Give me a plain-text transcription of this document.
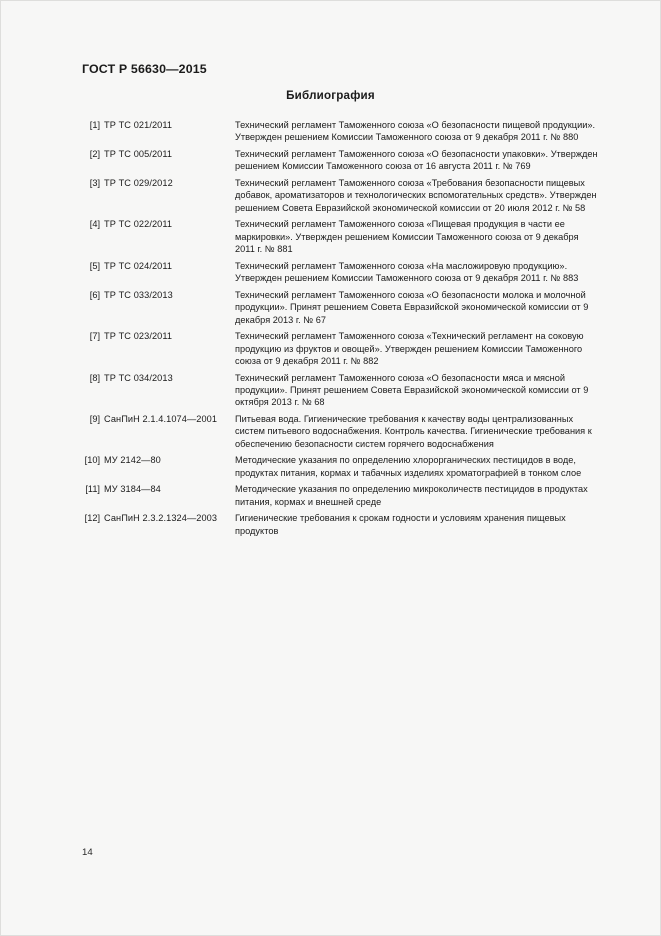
ГОСТ Р 56630—2015
Библиография
[1] ТР ТС 021/2011	Технический регламент Таможенного союза «О безопасности пищевой продукции». Утвержден решением Комиссии Таможенного союза от 9 декабря 2011 г. № 880
[2] ТР ТС 005/2011	Технический регламент Таможенного союза «О безопасности упаковки». Утвержден решением Комиссии Таможенного союза от 16 августа 2011 г. № 769
[3] ТР ТС 029/2012	Технический регламент Таможенного союза «Требования безопасности пищевых добавок, ароматизаторов и технологических вспомогательных средств». Утвержден решением Совета Евразийской экономической комиссии от 20 июля 2012 г. № 58
[4] ТР ТС 022/2011	Технический регламент Таможенного союза «Пищевая продукция в части ее маркировки». Утвержден решением Комиссии Таможенного союза от 9 декабря 2011 г. № 881
[5] ТР ТС 024/2011	Технический регламент Таможенного союза «На масложировую продукцию». Утвержден решением Комиссии Таможенного союза от 9 декабря 2011 г. № 883
[6] ТР ТС 033/2013	Технический регламент Таможенного союза «О безопасности молока и молочной продукции». Принят решением Совета Евразийской экономической комиссии от 9 декабря 2013 г. № 67
[7] ТР ТС 023/2011	Технический регламент Таможенного союза «Технический регламент на соковую продукцию из фруктов и овощей». Утвержден решением Комиссии Таможенного союза от 9 декабря 2011 г. № 882
[8] ТР ТС 034/2013	Технический регламент Таможенного союза «О безопасности мяса и мясной продукции». Принят решением Совета Евразийской экономической комиссии от 9 октября 2013 г. № 68
[9] СанПиН 2.1.4.1074—2001	Питьевая вода. Гигиенические требования к качеству воды централизованных систем питьевого водоснабжения. Контроль качества. Гигиенические требования к обеспечению безопасности систем горячего водоснабжения
[10] МУ 2142—80	Методические указания по определению хлорорганических пестицидов в воде, продуктах питания, кормах и табачных изделиях хроматографией в тонком слое
[11] МУ 3184—84	Методические указания по определению микроколичеств пестицидов в продуктах питания, кормах и внешней среде
[12] СанПиН 2.3.2.1324—2003	Гигиенические требования к срокам годности и условиям хранения пищевых продуктов
14
